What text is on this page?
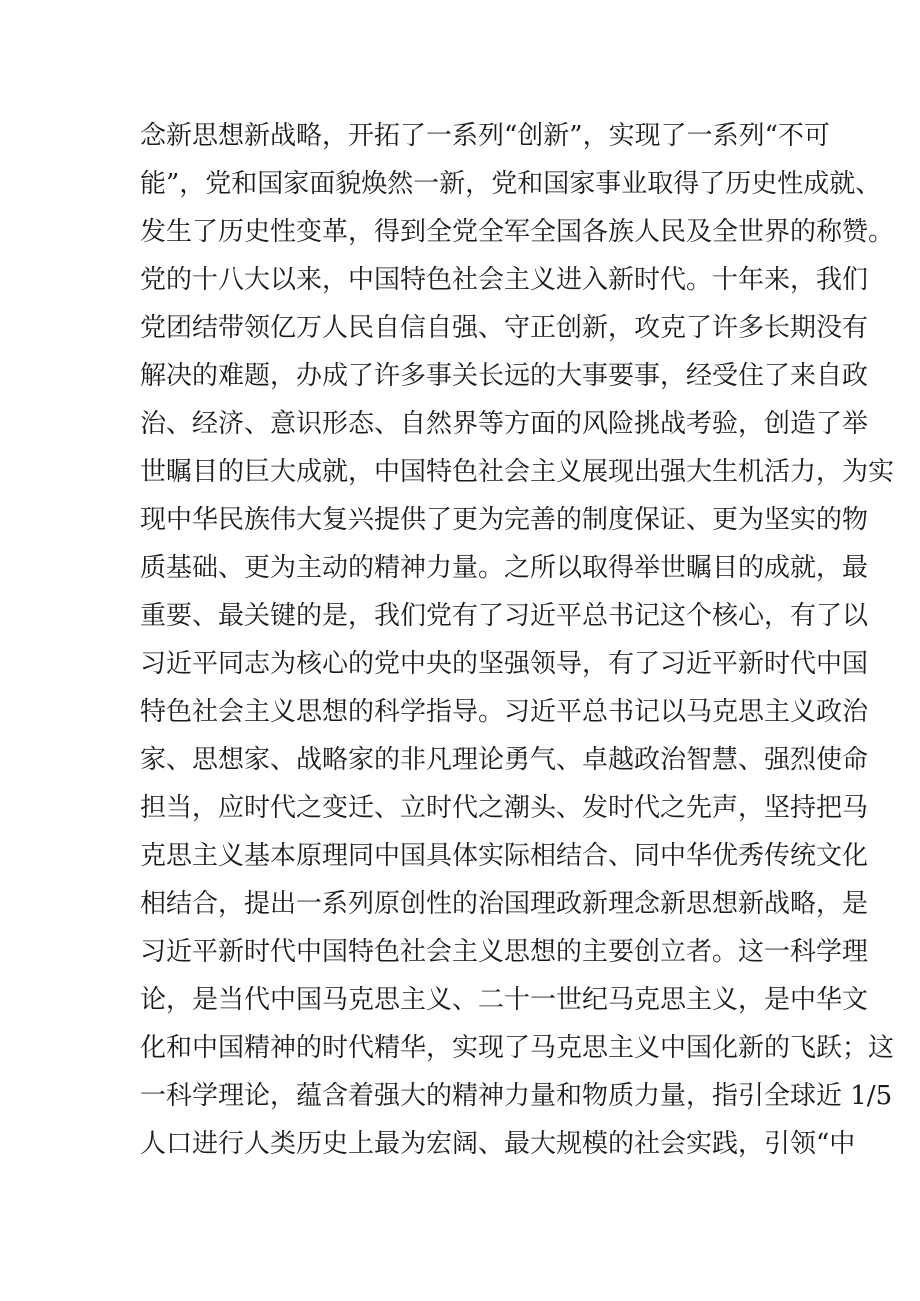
念新思想新战略，开拓了一系列“创新”，实现了一系列“不可
能”，党和国家面貌焕然一新，党和国家事业取得了历史性成就、
发生了历史性变革，得到全党全军全国各族人民及全世界的称赞。
党的十八大以来，中国特色社会主义进入新时代。十年来，我们
党团结带领亿万人民自信自强、守正创新，攻克了许多长期没有
解决的难题，办成了许多事关长远的大事要事，经受住了来自政
治、经济、意识形态、自然界等方面的风险挑战考验，创造了举
世瞩目的巨大成就，中国特色社会主义展现出强大生机活力，为实
现中华民族伟大复兴提供了更为完善的制度保证、更为坚实的物
质基础、更为主动的精神力量。之所以取得举世瞩目的成就，最
重要、最关键的是，我们党有了习近平总书记这个核心，有了以
习近平同志为核心的党中央的坚强领导，有了习近平新时代中国
特色社会主义思想的科学指导。习近平总书记以马克思主义政治
家、思想家、战略家的非凡理论勇气、卓越政治智慧、强烈使命
担当，应时代之变迁、立时代之潮头、发时代之先声，坚持把马
克思主义基本原理同中国具体实际相结合、同中华优秀传统文化
相结合，提出一系列原创性的治国理政新理念新思想新战略，是
习近平新时代中国特色社会主义思想的主要创立者。这一科学理
论，是当代中国马克思主义、二十一世纪马克思主义，是中华文
化和中国精神的时代精华，实现了马克思主义中国化新的飞跃；这
一科学理论，蕴含着强大的精神力量和物质力量，指引全球近 1/5
人口进行人类历史上最为宏阔、最大规模的社会实践，引领“中
